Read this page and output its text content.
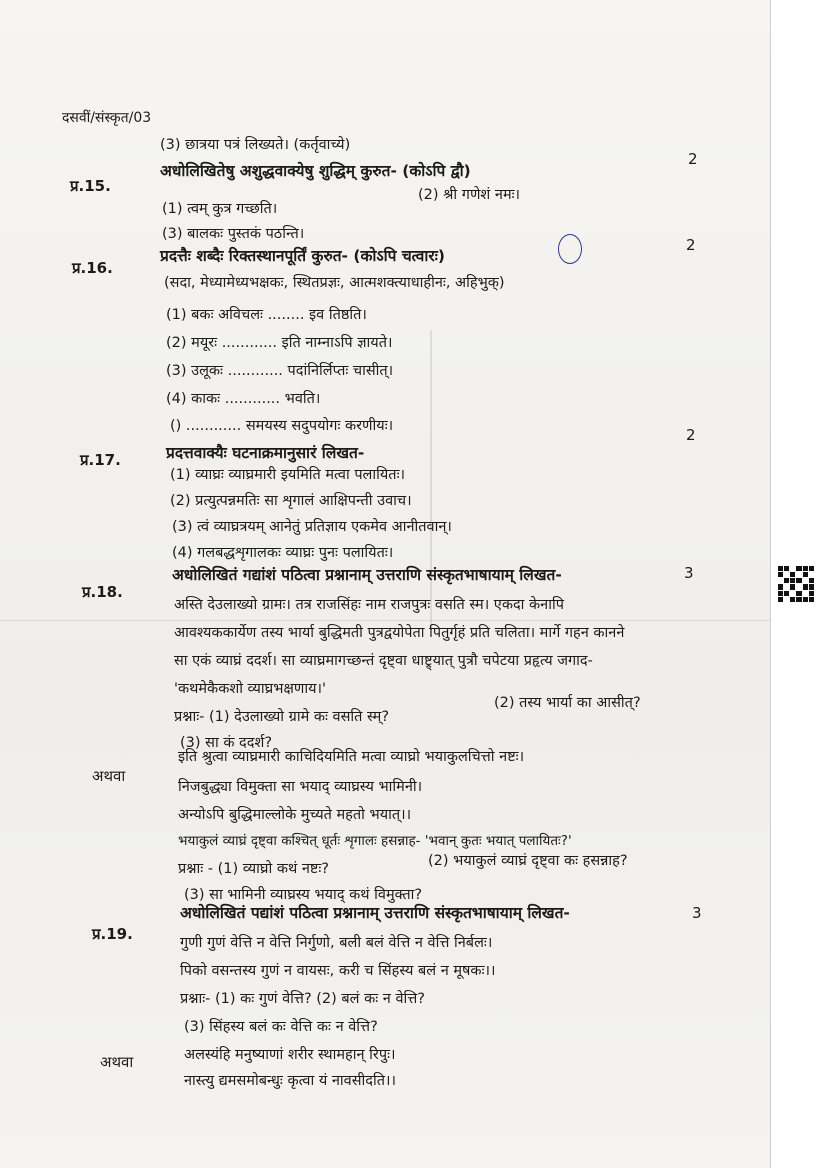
दसवीं/संस्कृत/03
(3) छात्रया पत्रं लिख्यते। (कर्तृवाच्ये)
प्र.15.
अधोलिखितेषु अशुद्धवाक्येषु शुद्धिम् कुरुत- (कोऽपि द्वौ)
2
(1) त्वम् कुत्र गच्छति।
(2) श्री गणेशं नमः।
(3) बालकः पुस्तकं पठन्ति।
प्र.16.
प्रदत्तैः शब्दैः रिक्तस्थानपूर्तिं कुरुत- (कोऽपि चत्वारः)
2
(सदा, मेध्यामेध्यभक्षकः, स्थितप्रज्ञः, आत्मशक्त्याधाहीनः, अहिभुक्)
(1) बकः अविचलः ........ इव तिष्ठति।
(2) मयूरः ............ इति नाम्नाऽपि ज्ञायते।
(3) उलूकः ............ पदांनिर्लिप्तः चासीत्।
(4) काकः ............ भवति।
() ............ समयस्य सदुपयोगः करणीयः।
प्र.17.	प्रदत्तवाक्यैः घटनाक्रमानुसारं लिखत-
2
(1) व्याघ्रः व्याघ्रमारी इयमिति मत्वा पलायितः।
(2) प्रत्युत्पन्नमतिः सा शृगालं आक्षिपन्ती उवाच।
(3) त्वं व्याघ्रत्रयम् आनेतुं प्रतिज्ञाय एकमेव आनीतवान्।
(4) गलबद्धशृगालकः व्याघ्रः पुनः पलायितः।
प्र.18.
अधोलिखितं गद्यांशं पठित्वा प्रश्नानाम् उत्तराणि संस्कृतभाषायाम् लिखत-	3
अस्ति देउलाख्यो ग्रामः। तत्र राजसिंहः नाम राजपुत्रः वसति स्म। एकदा केनापि
आवश्यककार्येण तस्य भार्या बुद्धिमती पुत्रद्वयोपेता पितुर्गृहं प्रति चलिता। मार्गे गहन कानने
सा एकं व्याघ्रं ददर्श। सा व्याघ्रमागच्छन्तं दृष्ट्वा धाष्ट्र्यात् पुत्रौ चपेटया प्रहृत्य जगाद-
'कथमेकैकशो व्याघ्रभक्षणाय।'
प्रश्नाः- (1) देउलाख्यो ग्रामे कः वसति स्म्?
(2) तस्य भार्या का आसीत्?
(3) सा कं ददर्श?
अथवा
इति श्रुत्वा व्याघ्रमारी काचिदियमिति मत्वा व्याघ्रो भयाकुलचित्तो नष्टः।
निजबुद्ध्या विमुक्ता सा भयाद् व्याघ्रस्य भामिनी।
अन्योऽपि बुद्धिमाल्लोके मुच्यते महतो भयात्।।
भयाकुलं व्याघ्रं दृष्ट्वा कश्चित् धूर्तः शृगालः हसन्नाह- 'भवान् कुतः भयात् पलायितः?'
प्रश्नाः - (1) व्याघ्रो कथं नष्टः?	(2) भयाकुलं व्याघ्रं दृष्ट्वा कः हसन्नाह?
(3) सा भामिनी व्याघ्रस्य भयाद् कथं विमुक्ता?
प्र.19.
अधोलिखितं पद्यांशं पठित्वा प्रश्नानाम् उत्तराणि संस्कृतभाषायाम् लिखत-	3
गुणी गुणं वेत्ति न वेत्ति निर्गुणो, बली बलं वेत्ति न वेत्ति निर्बलः।
पिको वसन्तस्य गुणं न वायसः, करी च सिंहस्य बलं न मूषकः।।
प्रश्नाः- (1) कः गुणं वेत्ति? (2) बलं कः न वेत्ति?
(3) सिंहस्य बलं कः वेत्ति कः न वेत्ति?
अथवा	अलस्यंहि मनुष्याणां शरीर स्थामहान् रिपुः।
नास्त्यु द्यमसमोबन्धुः कृत्वा यं नावसीदति।।
